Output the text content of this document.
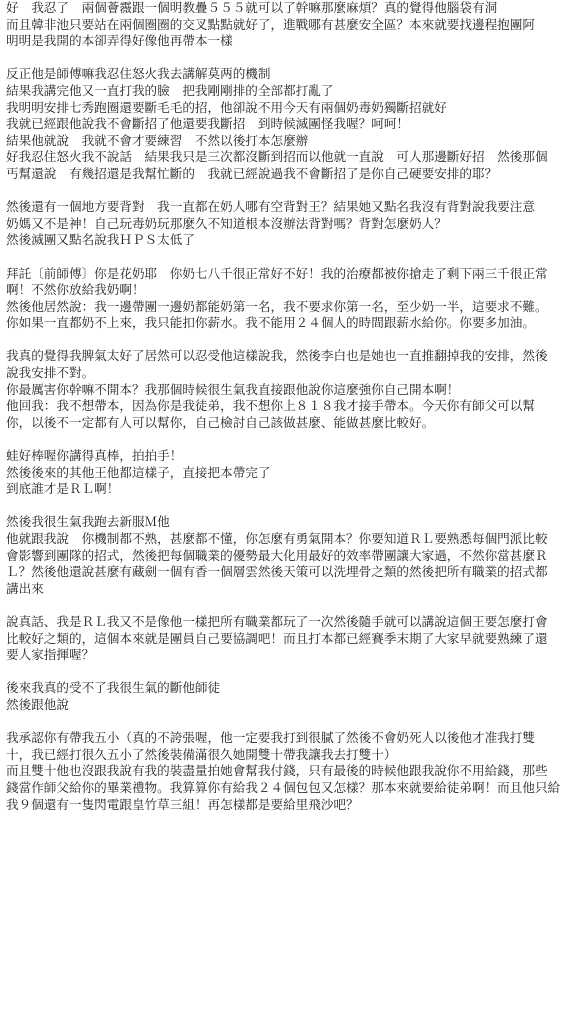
好　我忍了　兩個薈霺跟一個明教疊５５５就可以了幹嘛那麼麻煩？真的覺得他腦袋有洞
而且韓非池只要站在兩個圈圈的交叉點點就好了，進戰哪有甚麼安全區？本來就要找邊程抱團阿
明明是我開的本卻弄得好像他再帶本一樣
反正他是師傅嘛我忍住怒火我去講解莫两的機制
結果我講完他又一直打我的臉　把我剛剛排的全部都打亂了
我明明安排七秀跑圈還要斷毛毛的招，他卻說不用今天有兩個奶毒奶獨斷招就好
我就已經跟他說我不會斷招了他還要我斷招　到時候滅團怪我喔？呵呵！
結果他就說　我就不會才要練習　不然以後打本怎麼辦
好我忍住怒火我不說話　結果我只是三次都沒斷到招而以他就一直說　可人那邊斷好招　然後那個
丐幫還說　有幾招還是我幫忙斷的　我就已經說過我不會斷招了是你自己硬要安排的耶？
然後還有一個地方要背對　我一直都在奶人哪有空背對王？結果她又點名我沒有背對說我要注意
奶媽又不是神！自己玩毒奶玩那麼久不知道根本沒辦法背對嗎？背對怎麼奶人？
然後滅團又點名說我ＨＰＳ太低了
拜託〔前師傅〕你是花奶耶　你奶七八千很正常好不好！我的治療都被你搶走了剩下兩三千很正常
啊！不然你放給我奶啊！
然後他居然說：我一邊帶團一邊奶都能奶第一名，我不要求你第一名，至少奶一半，這要求不難。
你如果一直都奶不上來，我只能扣你薪水。我不能用２４個人的時間跟薪水給你。你要多加油。
我真的覺得我脾氣太好了居然可以忍受他這樣說我，然後李白也是她也一直推翻掉我的安排，然後
說我安排不對。
你最厲害你幹嘛不開本？我那個時候很生氣我直接跟他說你這麼強你自己開本啊！
他回我：我不想帶本，因為你是我徒弟，我不想你上８１８我才接手帶本。今天你有師父可以幫
你，以後不一定都有人可以幫你，自己檢討自己該做甚麼、能做甚麼比較好。
蛙好棒喔你講得真棒，拍拍手！
然後後來的其他王他都這樣子，直接把本帶完了
到底誰才是ＲＬ啊！
然後我很生氣我跑去新服Ｍ他
他就跟我說　你機制都不熟，甚麼都不懂，你怎麼有勇氣開本？你要知道ＲＬ要熟悉每個門派比較
會影響到團隊的招式，然後把每個職業的優勢最大化用最好的效率帶團讓大家過，不然你當甚麼Ｒ
Ｌ？然後他還說甚麼有藏劍一個有香一個層雲然後天策可以洗埋骨之類的然後把所有職業的招式都
講出來
說真話、我是ＲＬ我又不是像他一樣把所有職業都玩了一次然後隨手就可以講說這個王要怎麼打會
比較好之類的，這個本來就是團員自己要協調吧！而且打本都已經賽季末期了大家早就要熟練了還
要人家指揮喔？
後來我真的受不了我很生氣的斷他師徒
然後跟他說
我承認你有帶我五小（真的不誇張喔，他一定要我打到很膩了然後不會奶死人以後他才准我打雙
十，我已經打很久五小了然後裝備滿很久她開雙十帶我讓我去打雙十）
而且雙十他也沒跟我說有我的裝盡量拍她會幫我付錢，只有最後的時候他跟我說你不用給錢，那些
錢當作師父給你的畢業禮物。我算算你有給我２４個包包又怎樣？那本來就要給徒弟啊！而且他只給
我９個還有一隻閃電跟皇竹草三組！再怎樣都是要給里飛沙吧？
